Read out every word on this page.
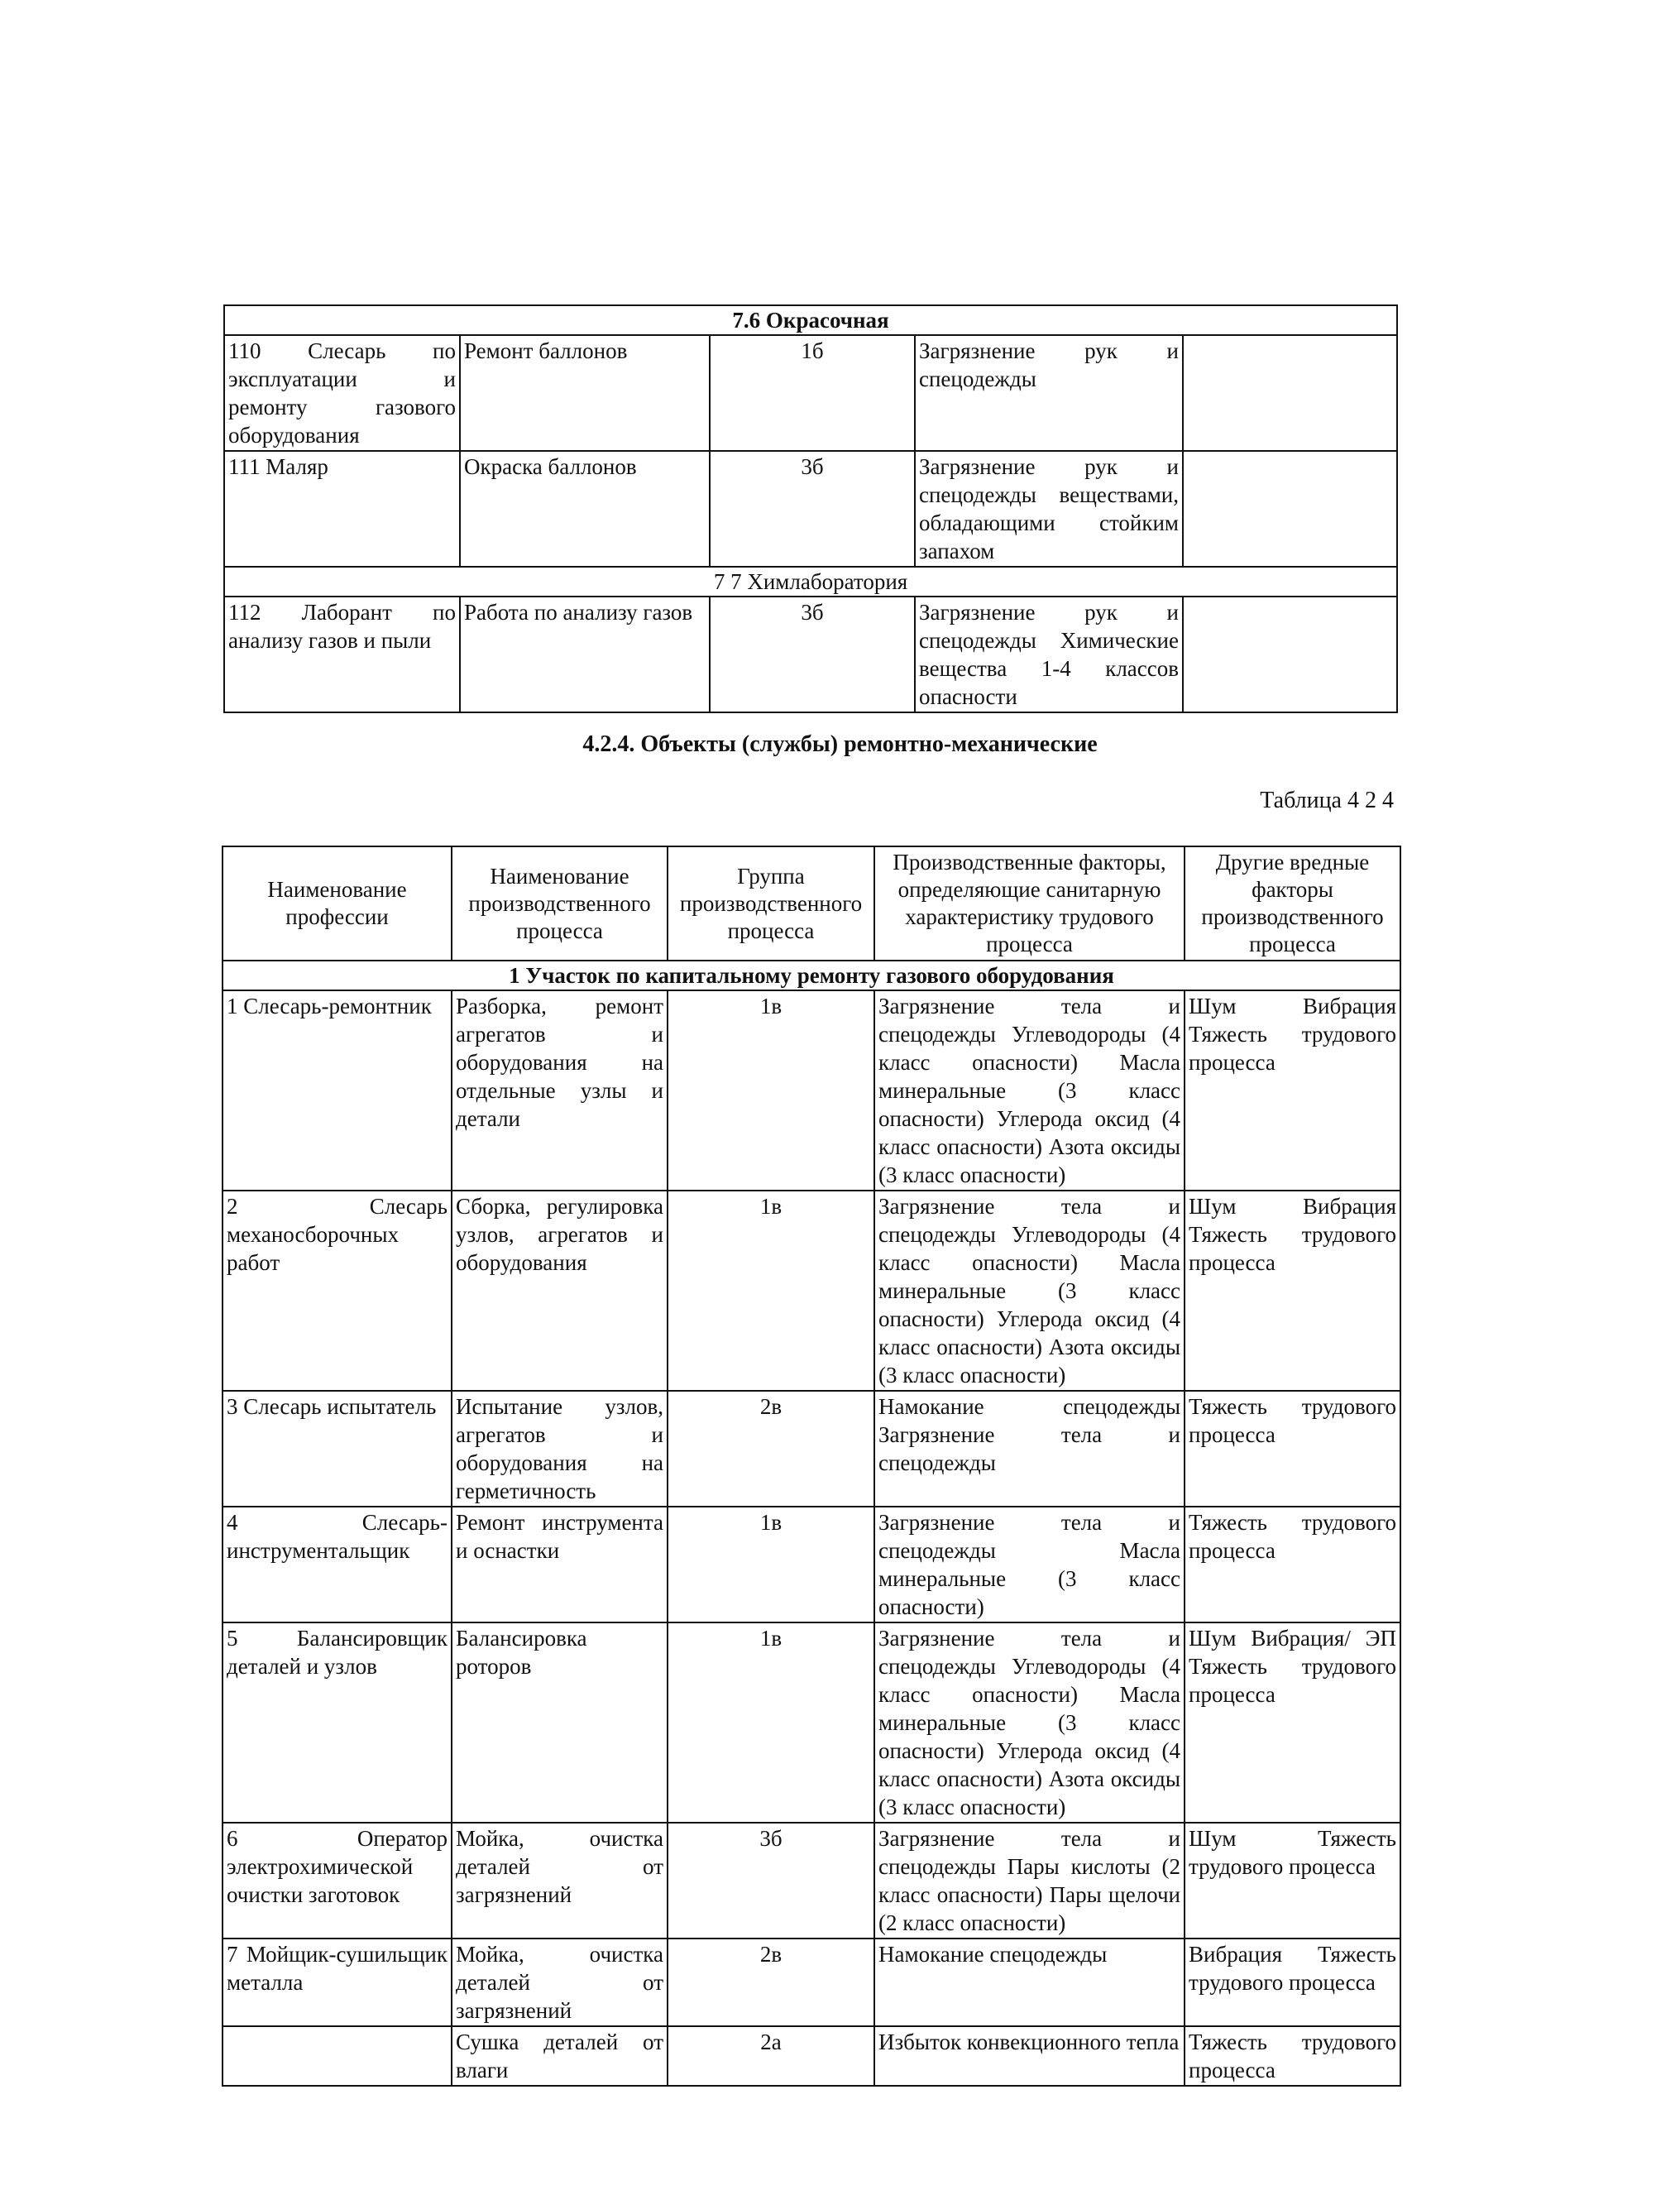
7.6 Окрасочная				
110 Слесарь по эксплуатации и ремонту газового оборудования	Ремонт баллонов	1б	Загрязнение рук и спецодежды	
111 Маляр	Окраска баллонов	3б	Загрязнение рук и спецодежды веществами, обладающими стойким запахом	
7 7 Химлаборатория				
112 Лаборант по анализу газов и пыли	Работа по анализу газов	3б	Загрязнение рук и спецодежды Химические вещества 1-4 классов опасности	
4.2.4. Объекты (службы) ремонтно-механические
Таблица 4 2 4
Наименование профессии	Наименование производственного процесса	Группа производственного процесса	Производственные факторы, определяющие санитарную характеристику трудового процесса	Другие вредные факторы производственного процесса
1 Участок по капитальному ремонту газового оборудования				
1 Слесарь-ремонтник	Разборка, ремонт агрегатов и оборудования на отдельные узлы и детали	1в	Загрязнение тела и спецодежды Углеводороды (4 класс опасности) Масла минеральные (3 класс опасности) Углерода оксид (4 класс опасности) Азота оксиды (3 класс опасности)	Шум Вибрация Тяжесть трудового процесса
2 Слесарь механосборочных работ	Сборка, регулировка узлов, агрегатов и оборудования	1в	Загрязнение тела и спецодежды Углеводороды (4 класс опасности) Масла минеральные (3 класс опасности) Углерода оксид (4 класс опасности) Азота оксиды (3 класс опасности)	Шум Вибрация Тяжесть трудового процесса
3 Слесарь испытатель	Испытание узлов, агрегатов и оборудования на герметичность	2в	Намокание спецодежды Загрязнение тела и спецодежды	Тяжесть трудового процесса
4 Слесарь-инструментальщик	Ремонт инструмента и оснастки	1в	Загрязнение тела и спецодежды Масла минеральные (3 класс опасности)	Тяжесть трудового процесса
5 Балансировщик деталей и узлов	Балансировка роторов	1в	Загрязнение тела и спецодежды Углеводороды (4 класс опасности) Масла минеральные (3 класс опасности) Углерода оксид (4 класс опасности) Азота оксиды (3 класс опасности)	Шум Вибрация/ ЭП Тяжесть трудового процесса
6 Оператор электрохимической очистки заготовок	Мойка, очистка деталей от загрязнений	3б	Загрязнение тела и спецодежды Пары кислоты (2 класс опасности) Пары щелочи (2 класс опасности)	Шум Тяжесть трудового процесса
7 Мойщик-сушильщик металла	Мойка, очистка деталей от загрязнений	2в	Намокание спецодежды	Вибрация Тяжесть трудового процесса
	Сушка деталей от влаги	2а	Избыток конвекционного тепла	Тяжесть трудового процесса
